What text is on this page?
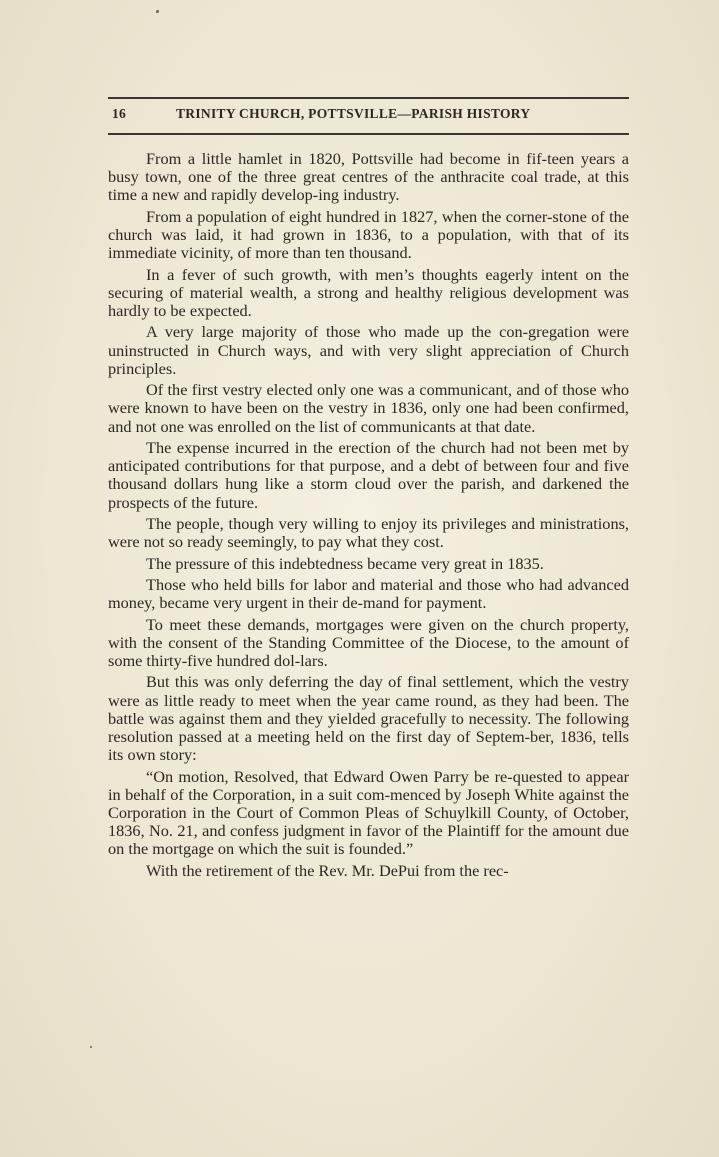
16	TRINITY CHURCH, POTTSVILLE—PARISH HISTORY

From a little hamlet in 1820, Pottsville had become in fif-teen years a busy town, one of the three great centres of the anthracite coal trade, at this time a new and rapidly develop-ing industry.

From a population of eight hundred in 1827, when the corner-stone of the church was laid, it had grown in 1836, to a population, with that of its immediate vicinity, of more than ten thousand.

In a fever of such growth, with men’s thoughts eagerly intent on the securing of material wealth, a strong and healthy religious development was hardly to be expected.

A very large majority of those who made up the con-gregation were uninstructed in Church ways, and with very slight appreciation of Church principles.

Of the first vestry elected only one was a communicant, and of those who were known to have been on the vestry in 1836, only one had been confirmed, and not one was enrolled on the list of communicants at that date.

The expense incurred in the erection of the church had not been met by anticipated contributions for that purpose, and a debt of between four and five thousand dollars hung like a storm cloud over the parish, and darkened the prospects of the future.

The people, though very willing to enjoy its privileges and ministrations, were not so ready seemingly, to pay what they cost.

The pressure of this indebtedness became very great in 1835.

Those who held bills for labor and material and those who had advanced money, became very urgent in their de-mand for payment.

To meet these demands, mortgages were given on the church property, with the consent of the Standing Committee of the Diocese, to the amount of some thirty-five hundred dol-lars.

But this was only deferring the day of final settlement, which the vestry were as little ready to meet when the year came round, as they had been. The battle was against them and they yielded gracefully to necessity. The following resolution passed at a meeting held on the first day of Septem-ber, 1836, tells its own story:

“On motion, Resolved, that Edward Owen Parry be re-quested to appear in behalf of the Corporation, in a suit com-menced by Joseph White against the Corporation in the Court of Common Pleas of Schuylkill County, of October, 1836, No. 21, and confess judgment in favor of the Plaintiff for the amount due on the mortgage on which the suit is founded.”

With the retirement of the Rev. Mr. DePui from the rec-
